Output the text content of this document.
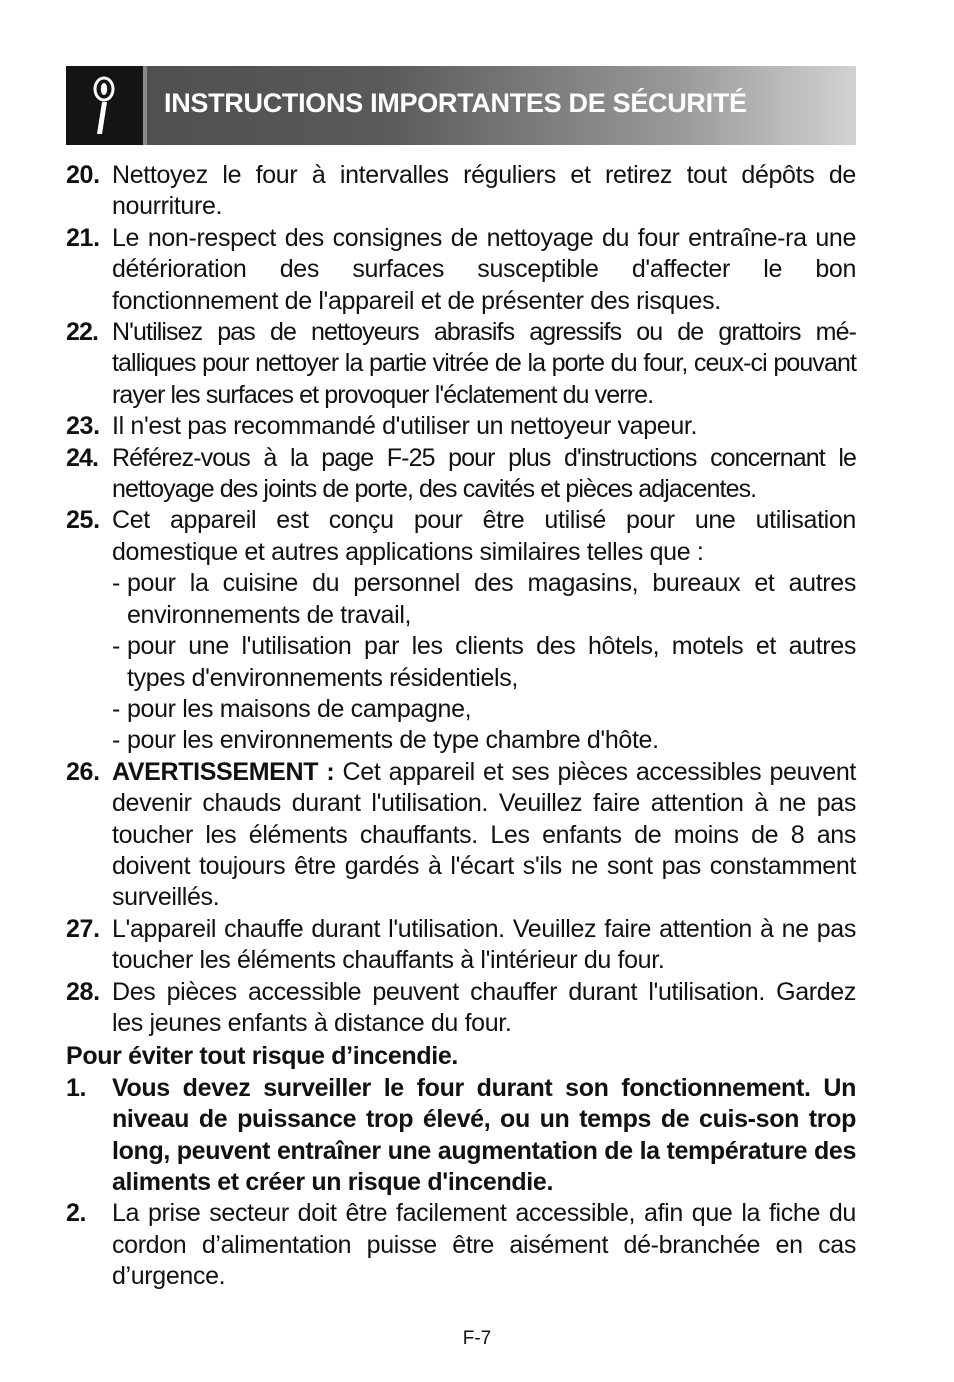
INSTRUCTIONS IMPORTANTES DE SÉCURITÉ
20. Nettoyez le four à intervalles réguliers et retirez tout dépôts de nourriture.
21. Le non-respect des consignes de nettoyage du four entraîne-ra une détérioration des surfaces susceptible d'affecter le bon fonctionnement de l'appareil et de présenter des risques.
22. N'utilisez pas de nettoyeurs abrasifs agressifs ou de grattoirs mé-talliques pour nettoyer la partie vitrée de la porte du four, ceux-ci pouvant rayer les surfaces et provoquer l'éclatement du verre.
23. Il n'est pas recommandé d'utiliser un nettoyeur vapeur.
24. Référez-vous à la page F-25 pour plus d'instructions concernant le nettoyage des joints de porte, des cavités et pièces adjacentes.
25. Cet appareil est conçu pour être utilisé pour une utilisation domestique et autres applications similaires telles que :
- pour la cuisine du personnel des magasins, bureaux et autres environnements de travail,
- pour une l'utilisation par les clients des hôtels, motels et autres types d'environnements résidentiels,
- pour les maisons de campagne,
- pour les environnements de type chambre d'hôte.
26. AVERTISSEMENT : Cet appareil et ses pièces accessibles peuvent devenir chauds durant l'utilisation. Veuillez faire attention à ne pas toucher les éléments chauffants. Les enfants de moins de 8 ans doivent toujours être gardés à l'écart s'ils ne sont pas constamment surveillés.
27. L'appareil chauffe durant l'utilisation. Veuillez faire attention à ne pas toucher les éléments chauffants à l'intérieur du four.
28. Des pièces accessible peuvent chauffer durant l'utilisation. Gardez les jeunes enfants à distance du four.
Pour éviter tout risque d’incendie.
1. Vous devez surveiller le four durant son fonctionnement. Un niveau de puissance trop élevé, ou un temps de cuis-son trop long, peuvent entraîner une augmentation de la température des aliments et créer un risque d'incendie.
2. La prise secteur doit être facilement accessible, afin que la fiche du cordon d’alimentation puisse être aisément dé-branchée en cas d’urgence.
F-7
